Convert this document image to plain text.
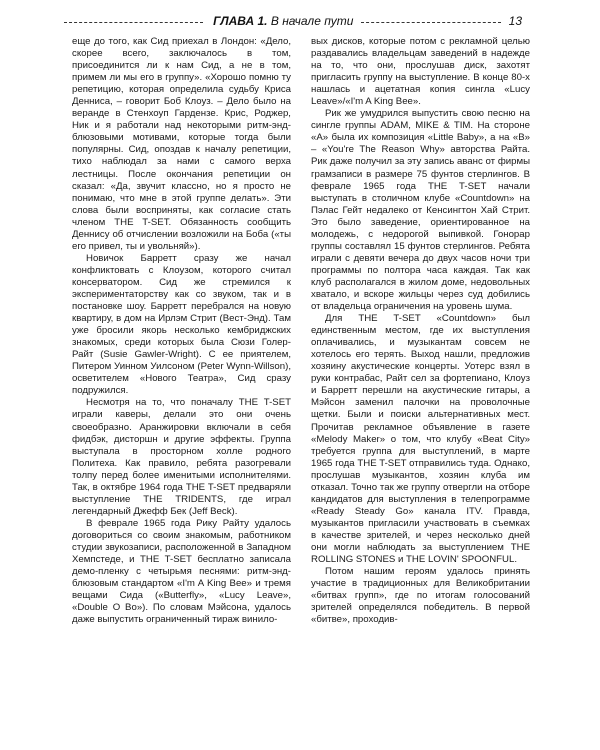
ГЛАВА 1. В начале пути	13

еще до того, как Сид приехал в Лондон: «Дело, скорее всего, заключалось в том, присоединится ли к нам Сид, а не в том, примем ли мы его в группу». «Хорошо помню ту репетицию, которая определила судьбу Криса Денниса, – говорит Боб Клоуз. – Дело было на веранде в Стенхоуп Гардензе. Крис, Роджер, Ник и я работали над некоторыми ритм-энд-блюзовыми мотивами, которые тогда были популярны. Сид, опоздав к началу репетиции, тихо наблюдал за нами с самого верха лестницы. После окончания репетиции он сказал: «Да, звучит классно, но я просто не понимаю, что мне в этой группе делать». Эти слова были восприняты, как согласие стать членом THE T-SET. Обязанность сообщить Деннису об отчислении возложили на Боба («ты его привел, ты и увольняй»).

Новичок Барретт сразу же начал конфликтовать с Клоузом, которого считал консерватором. Сид же стремился к экспериментаторству как со звуком, так и в постановке шоу. Барретт перебрался на новую квартиру, в дом на Ирлэм Стрит (Вест-Энд). Там уже бросили якорь несколько кембриджских знакомых, среди которых была Сюзи Голер-Райт (Susie Gawler-Wright). С ее приятелем, Питером Уинном Уилсоном (Peter Wynn-Willson), осветителем «Нового Театра», Сид сразу подружился.

Несмотря на то, что поначалу THE T-SET играли каверы, делали это они очень своеобразно. Аранжировки включали в себя фидбэк, дисторшн и другие эффекты. Группа выступала в просторном холле родного Политеха. Как правило, ребята разогревали толпу перед более именитыми исполнителями. Так, в октябре 1964 года THE T-SET предваряли выступление THE TRIDENTS, где играл легендарный Джефф Бек (Jeff Beck).

В феврале 1965 года Рику Райту удалось договориться со своим знакомым, работником студии звукозаписи, расположенной в Западном Хемпстеде, и THE T-SET бесплатно записала демо-пленку с четырьмя песнями: ритм-энд-блюзовым стандартом «I'm A King Bee» и тремя вещами Сида («Butterfly», «Lucy Leave», «Double O Bo»). По словам Мэйсона, удалось даже выпустить ограниченный тираж винило-

вых дисков, которые потом с рекламной целью раздавались владельцам заведений в надежде на то, что они, прослушав диск, захотят пригласить группу на выступление. В конце 80-х нашлась и ацетатная копия сингла «Lucy Leave»/«I'm A King Bee».

Рик же умудрился выпустить свою песню на сингле группы ADAM, MIKE & TIM. На стороне «А» была их композиция «Little Baby», а на «В» – «You're The Reason Why» авторства Райта. Рик даже получил за эту запись аванс от фирмы грамзаписи в размере 75 фунтов стерлингов. В феврале 1965 года THE T-SET начали выступать в столичном клубе «Countdown» на Пэлас Гейт недалеко от Кенсингтон Хай Стрит. Это было заведение, ориентированное на молодежь, с недорогой выпивкой. Гонорар группы составлял 15 фунтов стерлингов. Ребята играли с девяти вечера до двух часов ночи три программы по полтора часа каждая. Так как клуб располагался в жилом доме, недовольных хватало, и вскоре жильцы через суд добились от владельца ограничения на уровень шума.

Для THE T-SET «Countdown» был единственным местом, где их выступления оплачивались, и музыкантам совсем не хотелось его терять. Выход нашли, предложив хозяину акустические концерты. Уотерс взял в руки контрабас, Райт сел за фортепиано, Клоуз и Барретт перешли на акустические гитары, а Мэйсон заменил палочки на проволочные щетки. Были и поиски альтернативных мест. Прочитав рекламное объявление в газете «Melody Maker» о том, что клубу «Beat City» требуется группа для выступлений, в марте 1965 года THE T-SET отправились туда. Однако, прослушав музыкантов, хозяин клуба им отказал. Точно так же группу отвергли на отборе кандидатов для выступления в телепрограмме «Ready Steady Go» канала ITV. Правда, музыкантов пригласили участвовать в съемках в качестве зрителей, и через несколько дней они могли наблюдать за выступлением THE ROLLING STONES и THE LOVIN' SPOONFUL.

Потом нашим героям удалось принять участие в традиционных для Великобритании «битвах групп», где по итогам голосований зрителей определялся победитель. В первой «битве», проходив-
